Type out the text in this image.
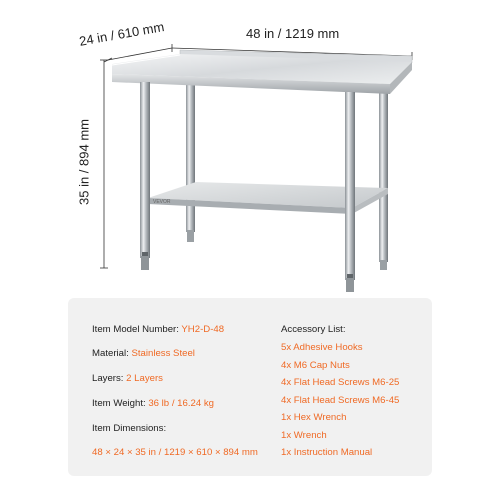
VEVOR
48 in / 1219 mm
24 in / 610 mm
35 in / 894 mm
Item Model Number: YH2-D-48
Material: Stainless Steel
Layers: 2 Layers
Item Weight: 36 lb / 16.24 kg
Item Dimensions:
48 × 24 × 35 in / 1219 × 610 × 894 mm
Accessory List:
5x Adhesive Hooks
4x M6 Cap Nuts
4x Flat Head Screws M6-25
4x Flat Head Screws M6-45
1x Hex Wrench
1x Wrench
1x Instruction Manual
